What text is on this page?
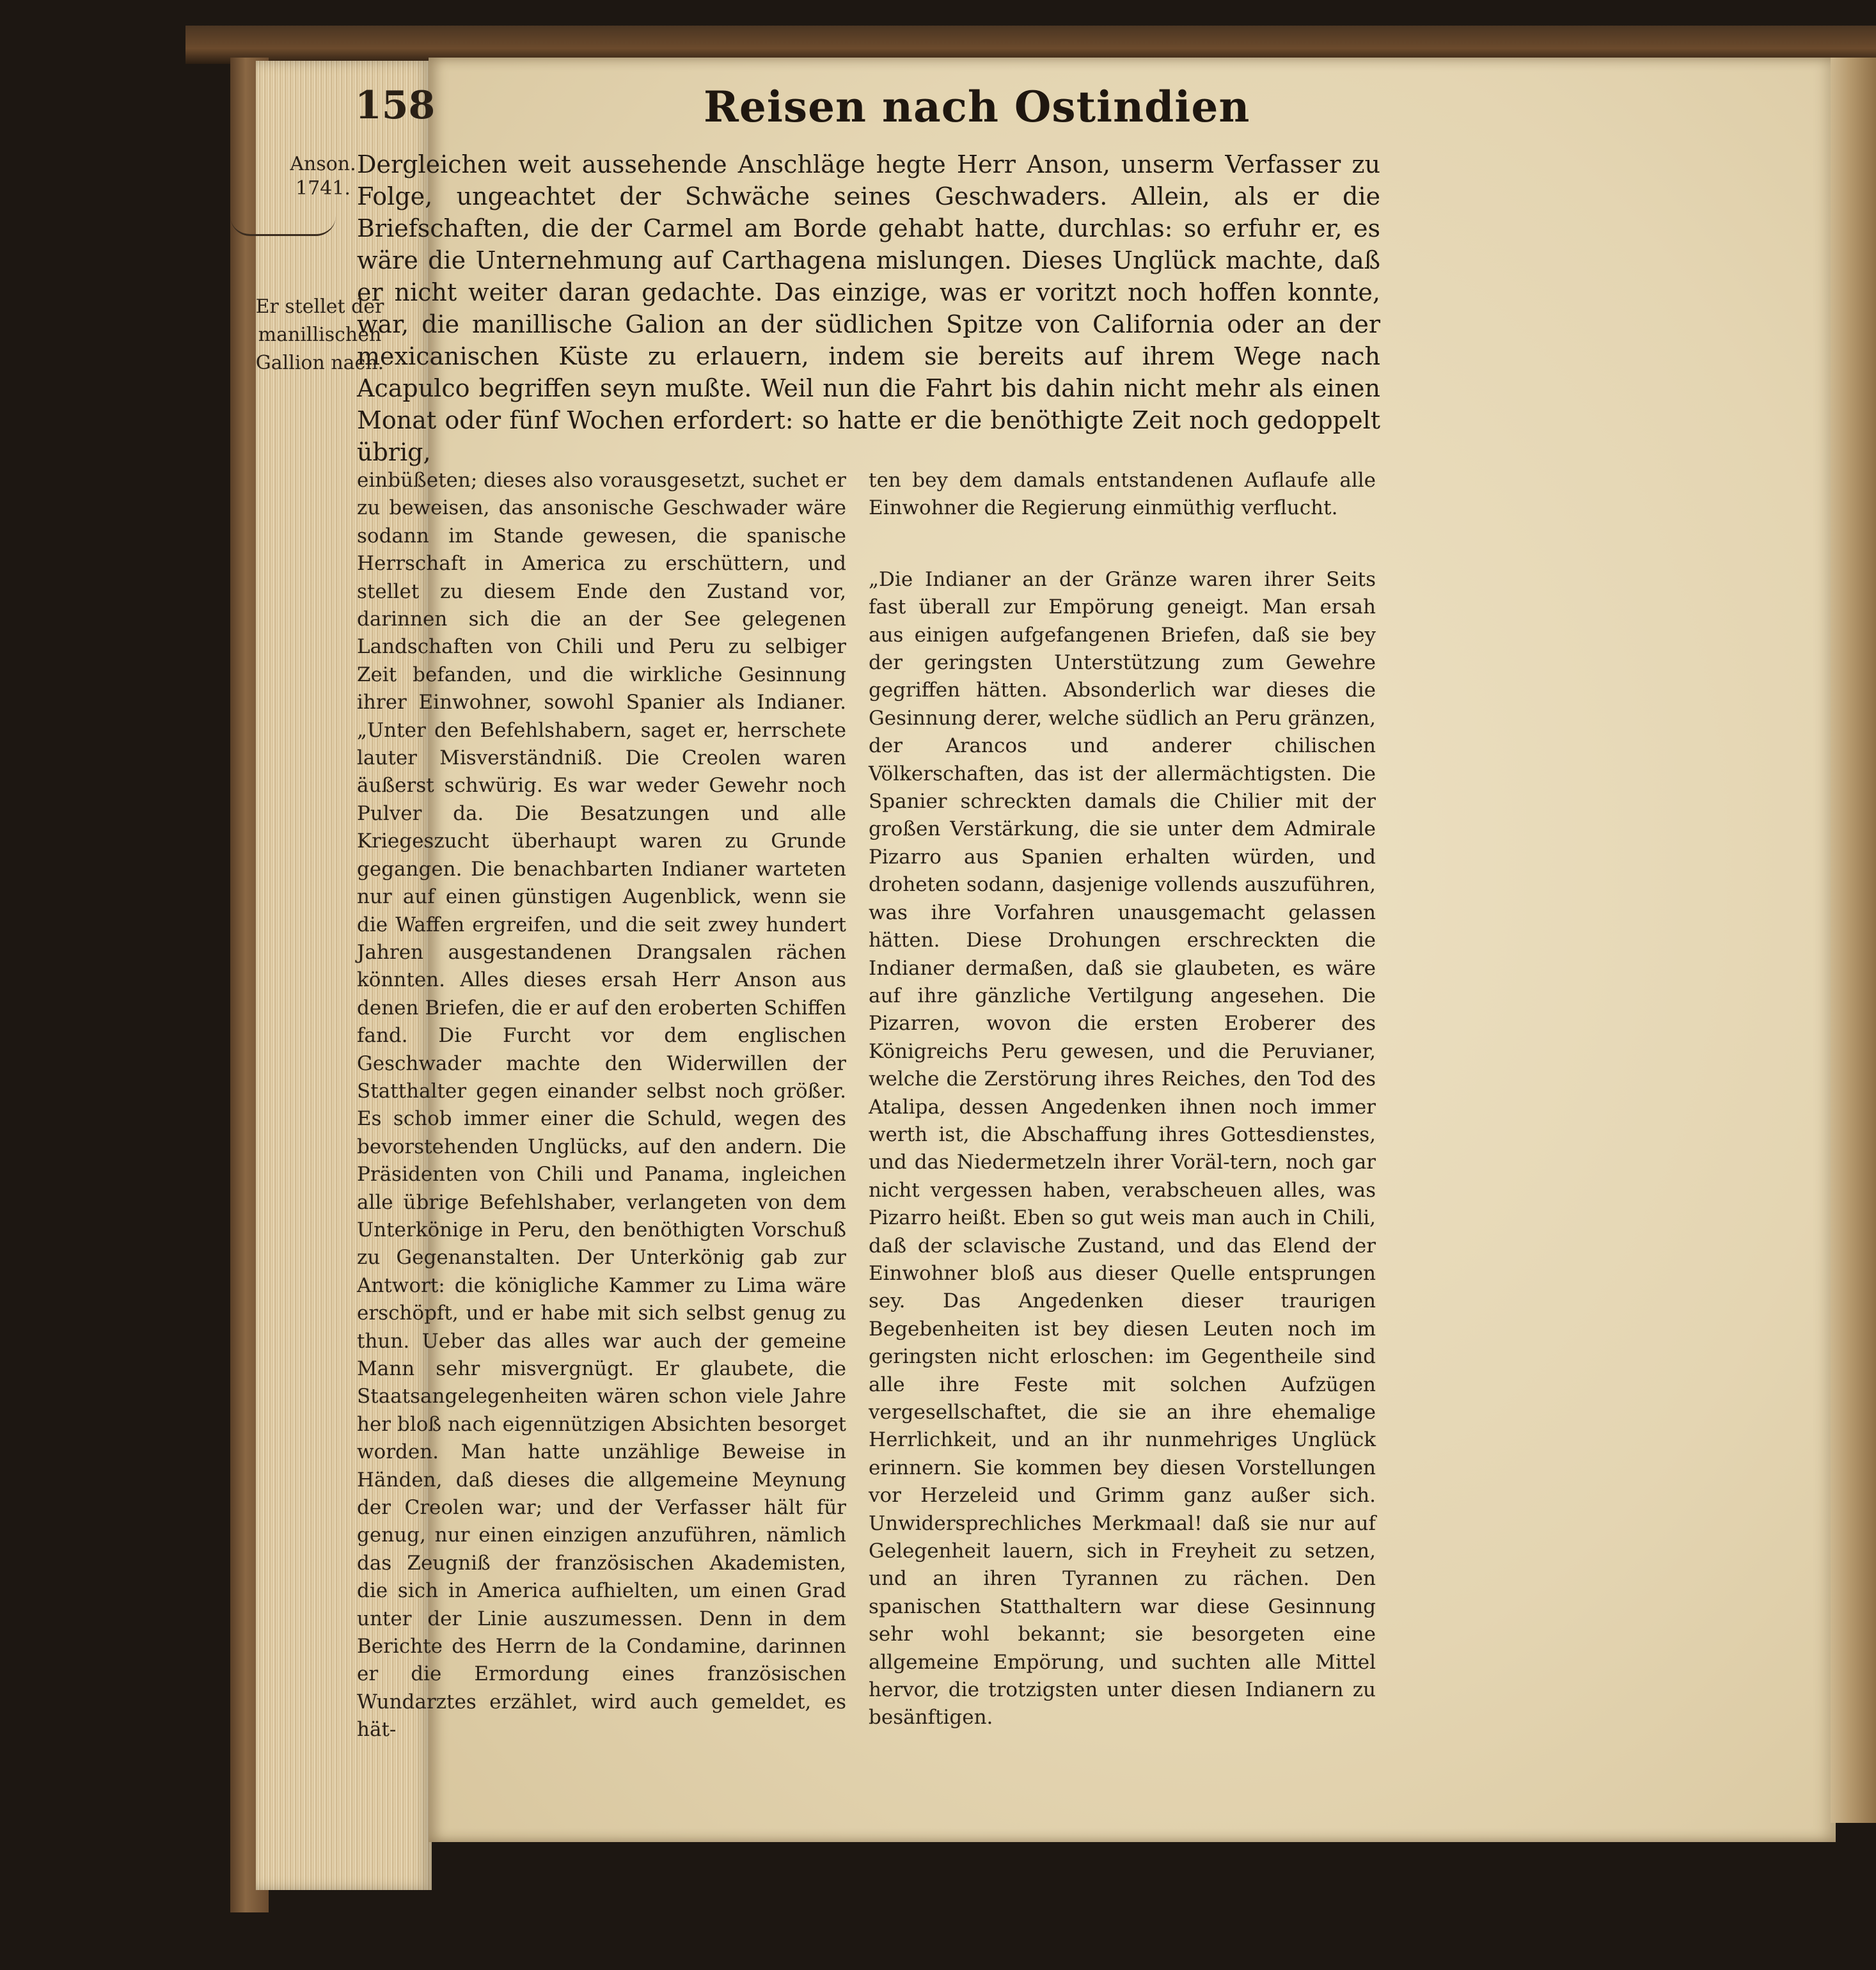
Anson.
1741.
Er stellet der manillischen Gallion nach.

158	Reisen nach Ostindien

Dergleichen weit aussehende Anschläge hegte Herr Anson, unserm Verfasser zu Folge, ungeachtet der Schwäche seines Geschwaders. Allein, als er die Briefschaften, die der Carmel am Borde gehabt hatte, durchlas: so erfuhr er, es wäre die Unternehmung auf Carthagena mislungen. Dieses Unglück machte, daß er nicht weiter daran gedachte. Das einzige, was er voritzt noch hoffen konnte, war, die manillische Galion an der südlichen Spitze von California oder an der mexicanischen Küste zu erlauern, indem sie bereits auf ihrem Wege nach Acapulco begriffen seyn mußte. Weil nun die Fahrt bis dahin nicht mehr als einen Monat oder fünf Wochen erfordert: so hatte er die benöthigte Zeit noch gedoppelt übrig,

einbüßeten; dieses also vorausgesetzt, suchet er zu beweisen, das ansonische Geschwader wäre sodann im Stande gewesen, die spanische Herrschaft in America zu erschüttern, und stellet zu diesem Ende den Zustand vor, darinnen sich die an der See gelegenen Landschaften von Chili und Peru zu selbiger Zeit befanden, und die wirkliche Gesinnung ihrer Einwohner, sowohl Spanier als Indianer. „Unter den Befehlshabern, saget er, herrschete lauter Misverständniß. Die Creolen waren äußerst schwürig. Es war weder Gewehr noch Pulver da. Die Besatzungen und alle Kriegeszucht überhaupt waren zu Grunde gegangen. Die benachbarten Indianer warteten nur auf einen günstigen Augenblick, wenn sie die Waffen ergreifen, und die seit zwey hundert Jahren ausgestandenen Drangsalen rächen könnten. Alles dieses ersah Herr Anson aus denen Briefen, die er auf den eroberten Schiffen fand. Die Furcht vor dem englischen Geschwader machte den Widerwillen der Statthalter gegen einander selbst noch größer. Es schob immer einer die Schuld, wegen des bevorstehenden Unglücks, auf den andern. Die Präsidenten von Chili und Panama, ingleichen alle übrige Befehlshaber, verlangeten von dem Unterkönige in Peru, den benöthigten Vorschuß zu Gegenanstalten. Der Unterkönig gab zur Antwort: die königliche Kammer zu Lima wäre erschöpft, und er habe mit sich selbst genug zu thun. Ueber das alles war auch der gemeine Mann sehr misvergnügt. Er glaubete, die Staatsangelegenheiten wären schon viele Jahre her bloß nach eigennützigen Absichten besorget worden. Man hatte unzählige Beweise in Händen, daß dieses die allgemeine Meynung der Creolen war; und der Verfasser hält für genug, nur einen einzigen anzuführen, nämlich das Zeugniß der französischen Akademisten, die sich in America aufhielten, um einen Grad unter der Linie auszumessen. Denn in dem Berichte des Herrn de la Condamine, darinnen er die Ermordung eines französischen Wundarztes erzählet, wird auch gemeldet, es hät-

ten bey dem damals entstandenen Auflaufe alle Einwohner die Regierung einmüthig verflucht.

„Die Indianer an der Gränze waren ihrer Seits fast überall zur Empörung geneigt. Man ersah aus einigen aufgefangenen Briefen, daß sie bey der geringsten Unterstützung zum Gewehre gegriffen hätten. Absonderlich war dieses die Gesinnung derer, welche südlich an Peru gränzen, der Arancos und anderer chilischen Völkerschaften, das ist der allermächtigsten. Die Spanier schreckten damals die Chilier mit der großen Verstärkung, die sie unter dem Admirale Pizarro aus Spanien erhalten würden, und droheten sodann, dasjenige vollends auszuführen, was ihre Vorfahren unausgemacht gelassen hätten. Diese Drohungen erschreckten die Indianer dermaßen, daß sie glaubeten, es wäre auf ihre gänzliche Vertilgung angesehen. Die Pizarren, wovon die ersten Eroberer des Königreichs Peru gewesen, und die Peruvianer, welche die Zerstörung ihres Reiches, den Tod des Atalipa, dessen Angedenken ihnen noch immer werth ist, die Abschaffung ihres Gottesdienstes, und das Niedermetzeln ihrer Voräl-tern, noch gar nicht vergessen haben, verabscheuen alles, was Pizarro heißt. Eben so gut weis man auch in Chili, daß der sclavische Zustand, und das Elend der Einwohner bloß aus dieser Quelle entsprungen sey. Das Angedenken dieser traurigen Begebenheiten ist bey diesen Leuten noch im geringsten nicht erloschen: im Gegentheile sind alle ihre Feste mit solchen Aufzügen vergesellschaftet, die sie an ihre ehemalige Herrlichkeit, und an ihr nunmehriges Unglück erinnern. Sie kommen bey diesen Vorstellungen vor Herzeleid und Grimm ganz außer sich. Unwidersprechliches Merkmaal! daß sie nur auf Gelegenheit lauern, sich in Freyheit zu setzen, und an ihren Tyrannen zu rächen. Den spanischen Statthaltern war diese Gesinnung sehr wohl bekannt; sie besorgeten eine allgemeine Empörung, und suchten alle Mittel hervor, die trotzigsten unter diesen Indianern zu besänftigen.
